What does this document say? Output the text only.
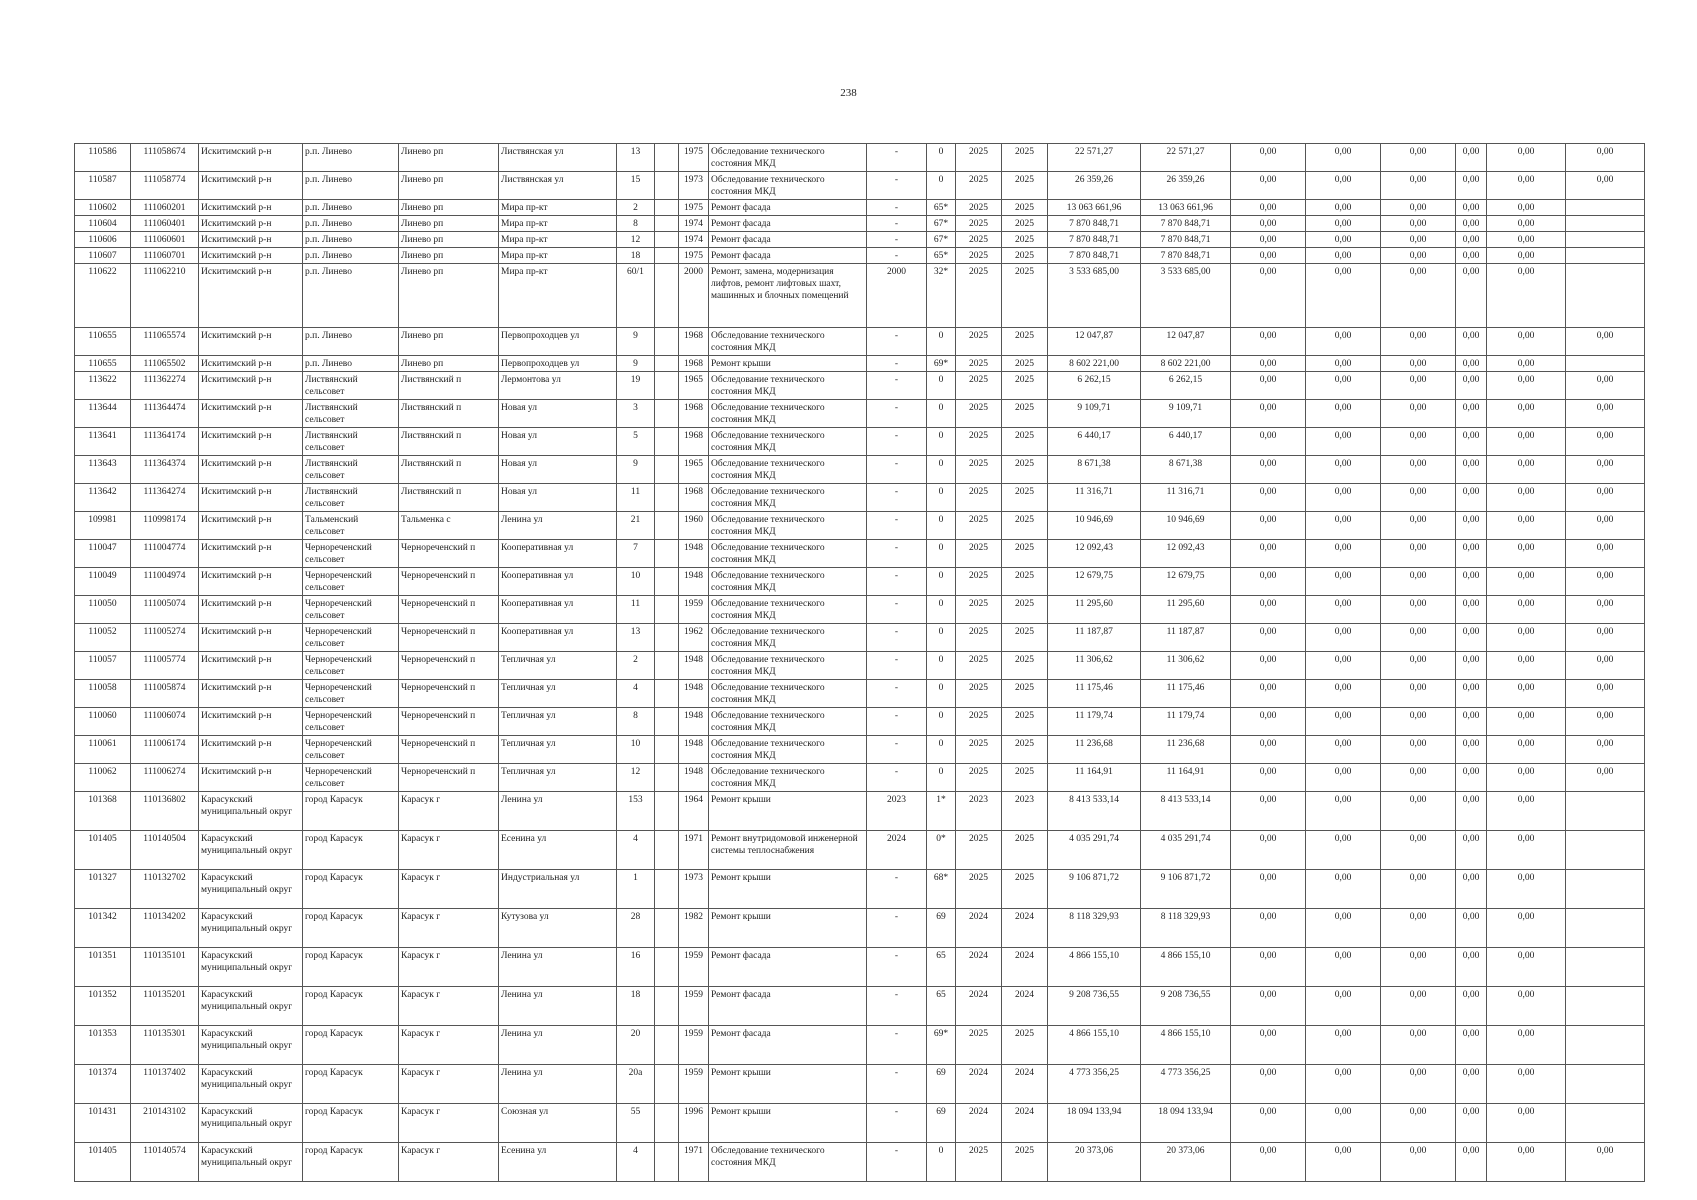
238
110586	111058674	Искитимский р-н	р.п. Линево	Линево рп	Листвянская ул	13		1975	Обследование технического состояния МКД	-	0	2025	2025	22 571,27	22 571,27	0,00	0,00	0,00	0,00	0,00	0,00
110587	111058774	Искитимский р-н	р.п. Линево	Линево рп	Листвянская ул	15		1973	Обследование технического состояния МКД	-	0	2025	2025	26 359,26	26 359,26	0,00	0,00	0,00	0,00	0,00	0,00
110602	111060201	Искитимский р-н	р.п. Линево	Линево рп	Мира пр-кт	2		1975	Ремонт фасада	-	65*	2025	2025	13 063 661,96	13 063 661,96	0,00	0,00	0,00	0,00	0,00	
110604	111060401	Искитимский р-н	р.п. Линево	Линево рп	Мира пр-кт	8		1974	Ремонт фасада	-	67*	2025	2025	7 870 848,71	7 870 848,71	0,00	0,00	0,00	0,00	0,00	
110606	111060601	Искитимский р-н	р.п. Линево	Линево рп	Мира пр-кт	12		1974	Ремонт фасада	-	67*	2025	2025	7 870 848,71	7 870 848,71	0,00	0,00	0,00	0,00	0,00	
110607	111060701	Искитимский р-н	р.п. Линево	Линево рп	Мира пр-кт	18		1975	Ремонт фасада	-	65*	2025	2025	7 870 848,71	7 870 848,71	0,00	0,00	0,00	0,00	0,00	
110622	111062210	Искитимский р-н	р.п. Линево	Линево рп	Мира пр-кт	60/1		2000	Ремонт, замена, модернизация лифтов, ремонт лифтовых шахт, машинных и блочных помещений	2000	32*	2025	2025	3 533 685,00	3 533 685,00	0,00	0,00	0,00	0,00	0,00	
110655	111065574	Искитимский р-н	р.п. Линево	Линево рп	Первопроходцев ул	9		1968	Обследование технического состояния МКД	-	0	2025	2025	12 047,87	12 047,87	0,00	0,00	0,00	0,00	0,00	0,00
110655	111065502	Искитимский р-н	р.п. Линево	Линево рп	Первопроходцев ул	9		1968	Ремонт крыши	-	69*	2025	2025	8 602 221,00	8 602 221,00	0,00	0,00	0,00	0,00	0,00	
113622	111362274	Искитимский р-н	Листвянский сельсовет	Листвянский п	Лермонтова ул	19		1965	Обследование технического состояния МКД	-	0	2025	2025	6 262,15	6 262,15	0,00	0,00	0,00	0,00	0,00	0,00
113644	111364474	Искитимский р-н	Листвянский сельсовет	Листвянский п	Новая ул	3		1968	Обследование технического состояния МКД	-	0	2025	2025	9 109,71	9 109,71	0,00	0,00	0,00	0,00	0,00	0,00
113641	111364174	Искитимский р-н	Листвянский сельсовет	Листвянский п	Новая ул	5		1968	Обследование технического состояния МКД	-	0	2025	2025	6 440,17	6 440,17	0,00	0,00	0,00	0,00	0,00	0,00
113643	111364374	Искитимский р-н	Листвянский сельсовет	Листвянский п	Новая ул	9		1965	Обследование технического состояния МКД	-	0	2025	2025	8 671,38	8 671,38	0,00	0,00	0,00	0,00	0,00	0,00
113642	111364274	Искитимский р-н	Листвянский сельсовет	Листвянский п	Новая ул	11		1968	Обследование технического состояния МКД	-	0	2025	2025	11 316,71	11 316,71	0,00	0,00	0,00	0,00	0,00	0,00
109981	110998174	Искитимский р-н	Тальменский сельсовет	Тальменка с	Ленина ул	21		1960	Обследование технического состояния МКД	-	0	2025	2025	10 946,69	10 946,69	0,00	0,00	0,00	0,00	0,00	0,00
110047	111004774	Искитимский р-н	Чернореченский сельсовет	Чернореченский п	Кооперативная ул	7		1948	Обследование технического состояния МКД	-	0	2025	2025	12 092,43	12 092,43	0,00	0,00	0,00	0,00	0,00	0,00
110049	111004974	Искитимский р-н	Чернореченский сельсовет	Чернореченский п	Кооперативная ул	10		1948	Обследование технического состояния МКД	-	0	2025	2025	12 679,75	12 679,75	0,00	0,00	0,00	0,00	0,00	0,00
110050	111005074	Искитимский р-н	Чернореченский сельсовет	Чернореченский п	Кооперативная ул	11		1959	Обследование технического состояния МКД	-	0	2025	2025	11 295,60	11 295,60	0,00	0,00	0,00	0,00	0,00	0,00
110052	111005274	Искитимский р-н	Чернореченский сельсовет	Чернореченский п	Кооперативная ул	13		1962	Обследование технического состояния МКД	-	0	2025	2025	11 187,87	11 187,87	0,00	0,00	0,00	0,00	0,00	0,00
110057	111005774	Искитимский р-н	Чернореченский сельсовет	Чернореченский п	Тепличная ул	2		1948	Обследование технического состояния МКД	-	0	2025	2025	11 306,62	11 306,62	0,00	0,00	0,00	0,00	0,00	0,00
110058	111005874	Искитимский р-н	Чернореченский сельсовет	Чернореченский п	Тепличная ул	4		1948	Обследование технического состояния МКД	-	0	2025	2025	11 175,46	11 175,46	0,00	0,00	0,00	0,00	0,00	0,00
110060	111006074	Искитимский р-н	Чернореченский сельсовет	Чернореченский п	Тепличная ул	8		1948	Обследование технического состояния МКД	-	0	2025	2025	11 179,74	11 179,74	0,00	0,00	0,00	0,00	0,00	0,00
110061	111006174	Искитимский р-н	Чернореченский сельсовет	Чернореченский п	Тепличная ул	10		1948	Обследование технического состояния МКД	-	0	2025	2025	11 236,68	11 236,68	0,00	0,00	0,00	0,00	0,00	0,00
110062	111006274	Искитимский р-н	Чернореченский сельсовет	Чернореченский п	Тепличная ул	12		1948	Обследование технического состояния МКД	-	0	2025	2025	11 164,91	11 164,91	0,00	0,00	0,00	0,00	0,00	0,00
101368	110136802	Карасукский муниципальный округ	город Карасук	Карасук г	Ленина ул	153		1964	Ремонт крыши	2023	1*	2023	2023	8 413 533,14	8 413 533,14	0,00	0,00	0,00	0,00	0,00	
101405	110140504	Карасукский муниципальный округ	город Карасук	Карасук г	Есенина ул	4		1971	Ремонт внутридомовой инженерной системы теплоснабжения	2024	0*	2025	2025	4 035 291,74	4 035 291,74	0,00	0,00	0,00	0,00	0,00	
101327	110132702	Карасукский муниципальный округ	город Карасук	Карасук г	Индустриальная ул	1		1973	Ремонт крыши	-	68*	2025	2025	9 106 871,72	9 106 871,72	0,00	0,00	0,00	0,00	0,00	
101342	110134202	Карасукский муниципальный округ	город Карасук	Карасук г	Кутузова ул	28		1982	Ремонт крыши	-	69	2024	2024	8 118 329,93	8 118 329,93	0,00	0,00	0,00	0,00	0,00	
101351	110135101	Карасукский муниципальный округ	город Карасук	Карасук г	Ленина ул	16		1959	Ремонт фасада	-	65	2024	2024	4 866 155,10	4 866 155,10	0,00	0,00	0,00	0,00	0,00	
101352	110135201	Карасукский муниципальный округ	город Карасук	Карасук г	Ленина ул	18		1959	Ремонт фасада	-	65	2024	2024	9 208 736,55	9 208 736,55	0,00	0,00	0,00	0,00	0,00	
101353	110135301	Карасукский муниципальный округ	город Карасук	Карасук г	Ленина ул	20		1959	Ремонт фасада	-	69*	2025	2025	4 866 155,10	4 866 155,10	0,00	0,00	0,00	0,00	0,00	
101374	110137402	Карасукский муниципальный округ	город Карасук	Карасук г	Ленина ул	20а		1959	Ремонт крыши	-	69	2024	2024	4 773 356,25	4 773 356,25	0,00	0,00	0,00	0,00	0,00	
101431	210143102	Карасукский муниципальный округ	город Карасук	Карасук г	Союзная ул	55		1996	Ремонт крыши	-	69	2024	2024	18 094 133,94	18 094 133,94	0,00	0,00	0,00	0,00	0,00	
101405	110140574	Карасукский муниципальный округ	город Карасук	Карасук г	Есенина ул	4		1971	Обследование технического состояния МКД	-	0	2025	2025	20 373,06	20 373,06	0,00	0,00	0,00	0,00	0,00	0,00
